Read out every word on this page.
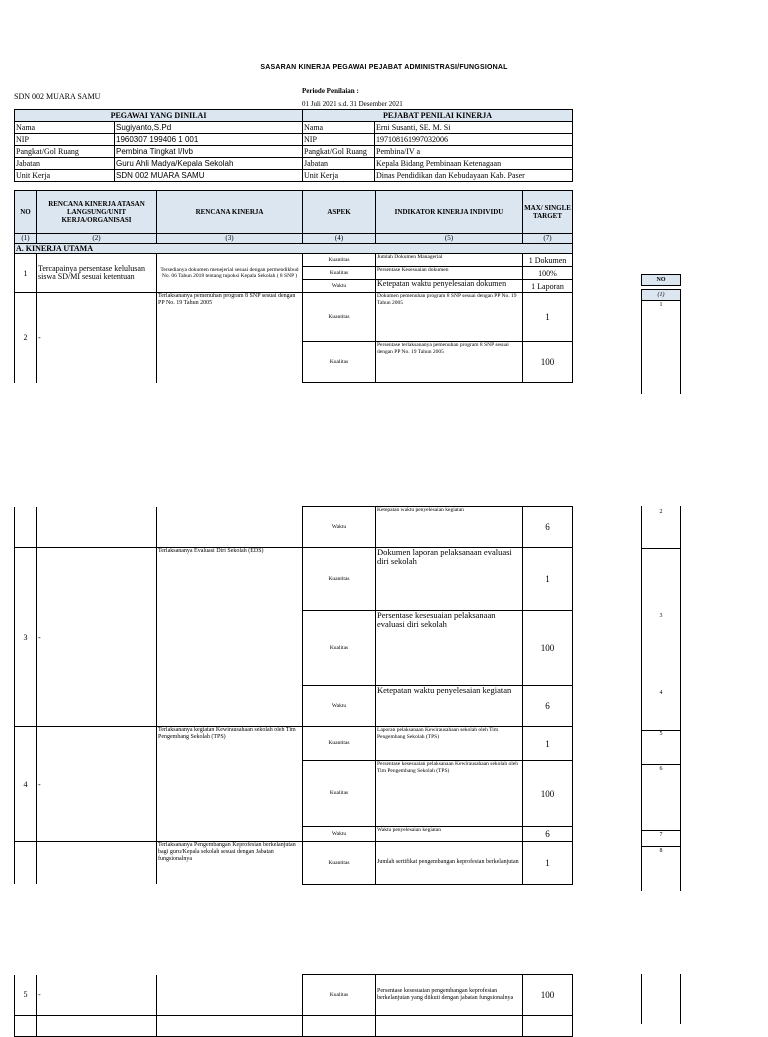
SASARAN KINERJA PEGAWAI PEJABAT ADMINISTRASI/FUNGSIONAL
SDN 002 MUARA SAMU
Periode Penilaian :
01 Juli 2021 s.d. 31 Desember 2021
PEGAWAI YANG DINILAI	
Nama	Sugiyanto,S.Pd
NIP	1960307 199406 1 001
Pangkat/Gol Ruang	Pembina Tingkat I/Ivb
Jabatan	Guru Ahli Madya/Kepala Sekolah
Unit Kerja	SDN 002 MUARA SAMU
PEJABAT PENILAI KINERJA	
Nama	Erni Susanti, SE. M. Si
NIP	197108161997032006
Pangkat/Gol Ruang	Pembina/IV a
Jabatan	Kepala Bidang Pembinaan Ketenagaan
Unit Kerja	Dinas Pendidikan dan Kebudayaan Kab. Paser
NO	RENCANA KINERJA ATASAN LANGSUNG/UNIT KERJA/ORGANISASI	RENCANA KINERJA	ASPEK	INDIKATOR KINERJA INDIVIDU	MAX/ SINGLE TARGET
(1)	(2)	(3)	(4)	(5)	(7)
A. KINERJA UTAMA					
1	Tercapainya persentase kelulusan siswa SD/MI sesuai ketentuan	Tersedianya dokumen menejerial sesuai dengan permendikbud No. 06 Tahun 2018 tentang tupoksi Kepala Sekolah ( 8 SNP )	Kuantitas	Jumlah Dokumen Managerial	1 Dokumen
			Kualitas	Persentase Kesesuaian dokumen	100%
			Waktu	Ketepatan waktu penyelesaian dokumen	1 Laporan
2	-	Terlaksananya pemenuhan program 8 SNP sesuai dengan PP No. 19 Tahun 2005	Kuantitas	Dokumen pemenuhan program 8 SNP sesuai dengan PP No. 19 Tahun 2005	1
			Kualitas	Persentase terlaksananya pemenuhan program 8 SNP sesuai dengan PP No. 19 Tahun 2005	100
NO
(1)
1
			Waktu	Ketepatan waktu penyelesaian kegiatan	6
3	-	Terlaksananya Evaluasi Diri Sekolah (EDS)	Kuantitas	Dokumen laporan pelaksanaan evaluasi diri sekolah	1
			Kualitas	Persentase kesesuaian pelaksanaan evaluasi diri sekolah	100
			Waktu	Ketepatan waktu penyelesaian kegiatan	6
4	-	Terlaksananya kegiatan Kewirausahaan sekolah oleh Tim Pengembang Sekolah (TPS)	Kuantitas	Laporan pelaksanaan Kewirausahaan sekolah oleh Tim Pengembang Sekolah (TPS)	1
			Kualitas	Persentase kesesuaian pelaksanaan Kewirausahaan sekolah oleh Tim Pengembang Sekolah (TPS)	100
			Waktu	Waktu penyelesaian kegiatan	6
		Terlaksananya Pengembangan Keprofesian berkelanjutan bagi guru/Kepala sekolah sesuai dengan Jabatan fungsionalnya	Kuantitas	Jumlah sertifikat pengembangan keprofesian berkelanjutan	1
2
3
4
5
6
7
8
5	-		Kualitas	Persentase kesesuaian pengembangan keprofesian berkelanjutan yang diikuti dengan jabatan fungsionalnya	100
